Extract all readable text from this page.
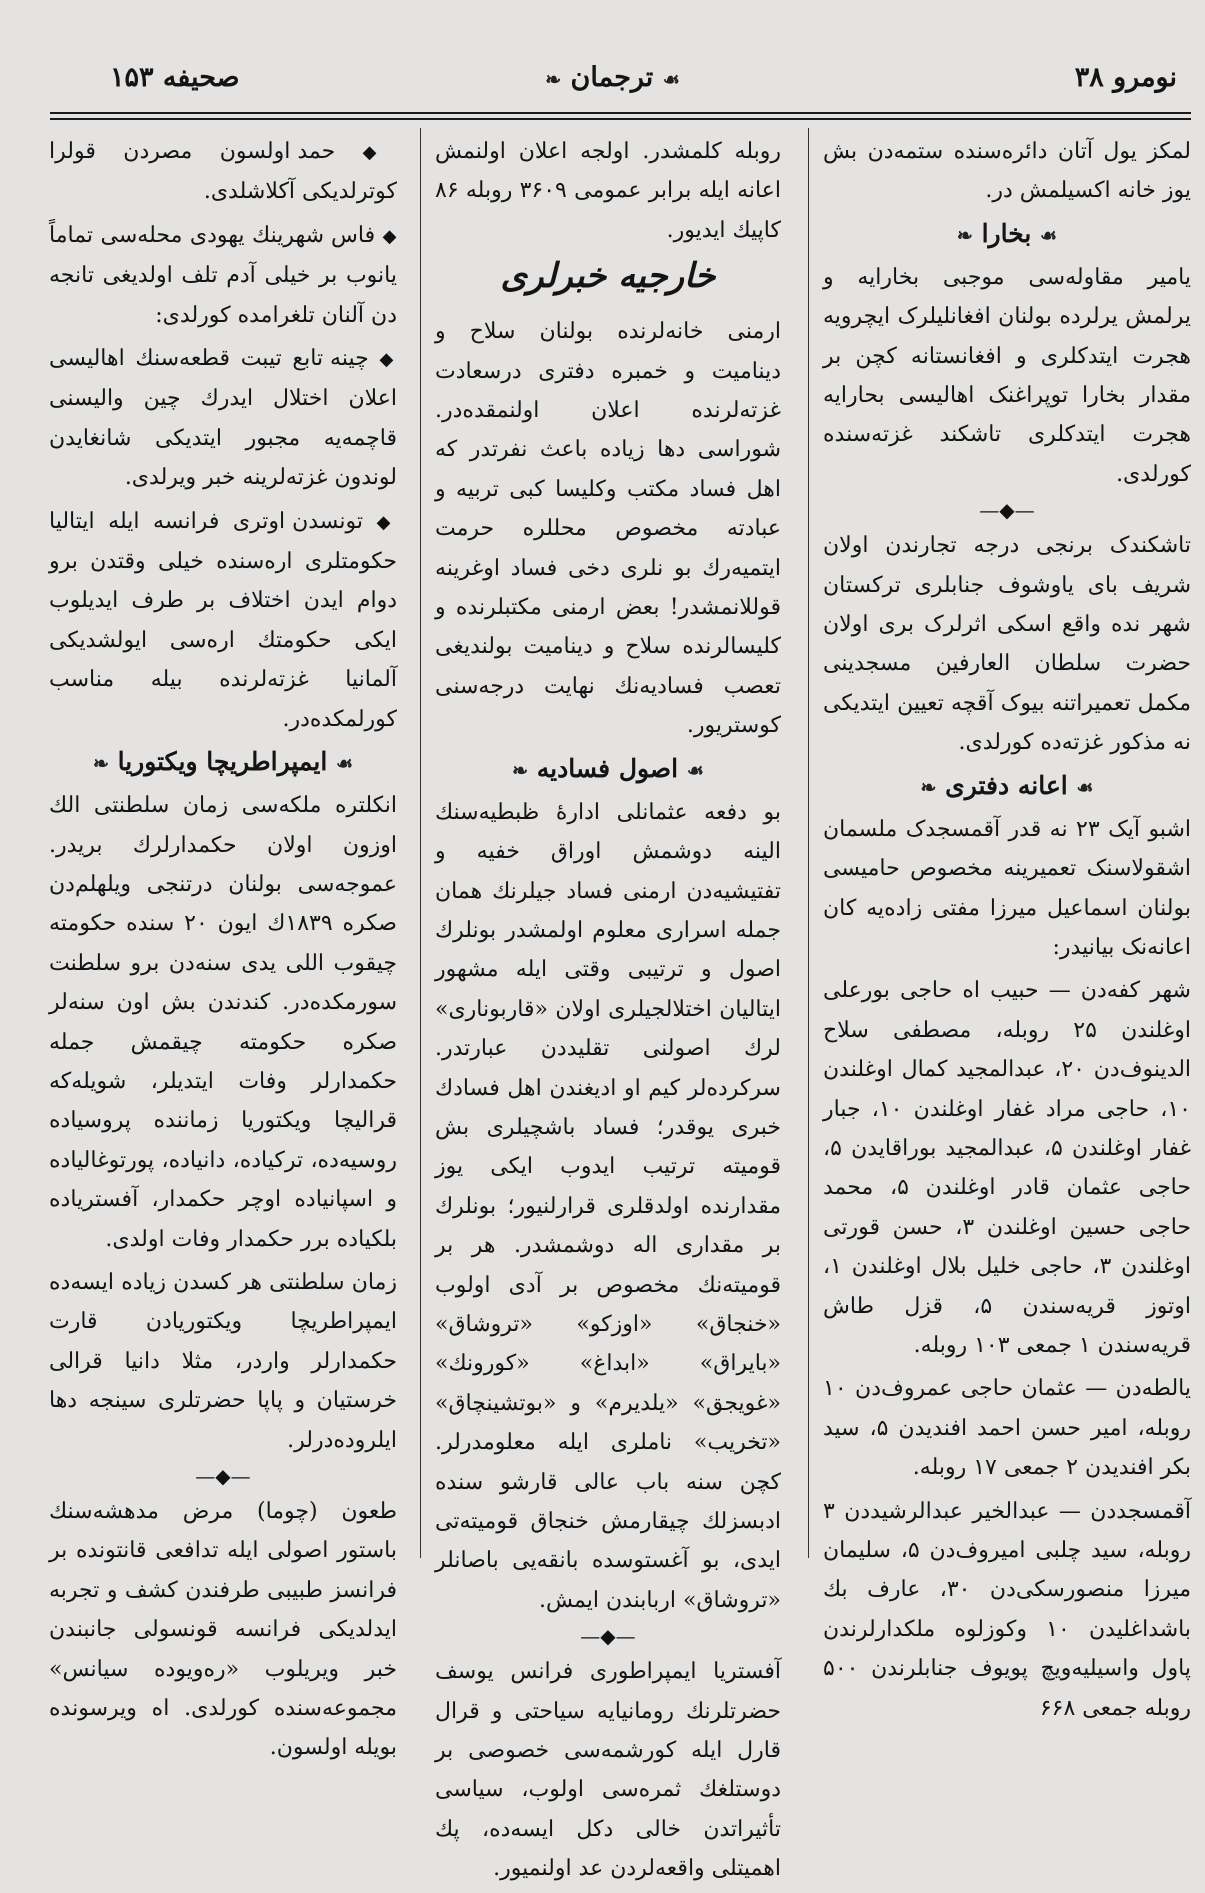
نومرو ۳۸
☙ ترجمان ❧
صحیفه ۱۵۳

لمکز یول آتان دائره‌سنده ستمه‌دن بش یوز خانه اکسیلمش در.

☙ بخارا ❧

یامیر مقاوله‌سی موجبی بخارایه و یرلمش یرلرده بولنان افغانلیلرک ایچرویه هجرت ایتدکلری و افغانستانه کچن بر مقدار بخارا توپراغنک اهالیسی بحارایه هجرت ایتدکلری تاشکند غزته‌سنده کورلدی.

—◆—

تاشکندک برنجی درجه تجارندن اولان شریف بای یاوشوف جنابلری ترکستان شهر نده واقع اسکی اثرلرک بری اولان حضرت سلطان العارفین مسجدینی مکمل تعمیراتنه بیوک آقچه تعیین ایتدیکی نه مذکور غزته‌ده کورلدی.

☙ اعانه دفتری ❧

اشبو آیک ۲۳ نه قدر آقمسجدک ملسمان اشقولاسنک تعمیرینه مخصوص حامیسی بولنان اسماعیل میرزا مفتی زاده‌یه کان اعانه‌نک بیانیدر:

شهر کفه‌دن — حبیب اه حاجی بورعلی اوغلندن ۲۵ روبله، مصطفی سلاح الدینوف‌دن ۲۰، عبدالمجید کمال اوغلندن ۱۰، حاجی مراد غفار اوغلندن ۱۰، جبار غفار اوغلندن ۵، عبدالمجید بوراقایدن ۵، حاجی عثمان قادر اوغلندن ۵، محمد حاجی حسین اوغلندن ۳، حسن قورتی اوغلندن ۳، حاجی خلیل بلال اوغلندن ۱، اوتوز قریه‌سندن ۵، قزل طاش قریه‌سندن ۱ جمعی ۱۰۳ روبله.

یالطه‌دن — عثمان حاجی عمروف‌دن ۱۰ روبله، امیر حسن احمد افندیدن ۵، سید بکر افندیدن ۲ جمعی ۱۷ روبله.

آقمسجددن — عبدالخیر عبدالرشیددن ۳ روبله، سید چلبی امیروف‌دن ۵، سلیمان میرزا منصورسکی‌دن ۳۰، عارف بك باشداغلیدن ۱۰ وکوزلوه ملکدارلرندن پاول واسیلیه‌ویچ پویوف جنابلرندن ۵۰۰ روبله جمعی ۶۶۸

روبله کلمشدر. اولجه اعلان اولنمش اعانه ایله برابر عمومی ۳۶۰۹ روبله ۸۶ کاپیك ایدیور.

خارجیه خبرلری

ارمنی خانه‌لرنده بولنان سلاح و دینامیت و خمبره دفتری درسعادت غزته‌لرنده اعلان اولنمقده‌در. شوراسی دها زیاده باعث نفرتدر که اهل فساد مکتب وکلیسا کبی تربیه و عبادته مخصوص محللره حرمت ایتمیه‌رك بو نلری دخی فساد اوغرینه قوللانمشدر! بعض ارمنی مکتبلرنده و کلیسالرنده سلاح و دینامیت بولندیغی تعصب فسادیه‌نك نهایت درجه‌سنی کوستریور.

☙ اصول فسادیه ❧

بو دفعه عثمانلی ادارهٔ ظبطیه‌سنك الینه دوشمش اوراق خفیه و تفتیشیه‌دن ارمنی فساد جیلرنك همان جمله اسراری معلوم اولمشدر بونلرك اصول و ترتیبی وقتی ایله مشهور ایتالیان اختلالجیلری اولان «قاربوناری» لرك اصولنی تقلیددن عبارتدر. سرکرده‌لر کیم او ادیغندن اهل فسادك خبری یوقدر؛ فساد باشچیلری بش قومیته ترتیب ایدوب ایکی یوز مقدارنده اولدقلری قرارلنیور؛ بونلرك بر مقداری اله دوشمشدر. هر بر قومیته‌نك مخصوص بر آدی اولوب «خنجاق» «اوزکو» «تروشاق» «بایراق» «ابداغ» «کورونك» «غویجق» «یلدیرم» و «بوتشینچاق» «تخریب» ناملری ایله معلومدرلر. کچن سنه باب عالی قارشو سنده ادبسزلك چیقارمش خنجاق قومیته‌تی ایدی، بو آغستوسده بانقه‌یی باصانلر «تروشاق» اربابندن ایمش.

—◆—

آفستریا ایمپراطوری فرانس یوسف حضرتلرنك رومانیایه سیاحتی و قرال قارل ایله کورشمه‌سی خصوصی بر دوستلغك ثمره‌سی اولوب، سیاسی تأثیراتدن خالی دکل ایسه‌ده، پك اهمیتلی واقعه‌لردن عد اولنمیور.

◆ حمد اولسون مصردن قولرا کوترلدیکی آکلاشلدی.

◆ فاس شهرینك یهودی محله‌سی تماماً یانوب بر خیلی آدم تلف اولدیغی تانجه دن آلنان تلغرامده کورلدی:

◆ چینه تابع تیبت قطعه‌سنك اهالیسی اعلان اختلال ایدرك چین والیسنی قاچمه‌یه مجبور ایتدیکی شانغایدن لوندون غزته‌لرینه خبر ویرلدی.

◆ تونسدن اوتری فرانسه ایله ایتالیا حکومتلری اره‌سنده خیلی وقتدن برو دوام ایدن اختلاف بر طرف ایدیلوب ایکی حکومتك اره‌سی ایولشدیکی آلمانیا غزته‌لرنده بیله مناسب کورلمکده‌در.

☙ ایمپراطریچا ویکتوریا ❧

انکلتره ملکه‌سی زمان سلطنتی الك اوزون اولان حکمدارلرك بریدر. عموجه‌سی بولنان درتنجی ویلهلم‌دن صکره ۱۸۳۹ك ایون ۲۰ سنده حکومته چیقوب اللی یدی سنه‌دن برو سلطنت سورمکده‌در. کندندن بش اون سنه‌لر صکره حکومته چیقمش جمله حکمدارلر وفات ایتدیلر، شویله‌که قرالیچا ویکتوریا زماننده پروسیاده روسیه‌ده، ترکیاده، دانیاده، پورتوغالیاده و اسپانیاده اوچر حکمدار، آفستریاده بلکیاده برر حکمدار وفات اولدی.

زمان سلطنتی هر کسدن زیاده ایسه‌ده ایمپراطریچا ویکتوریادن قارت حکمدارلر واردر، مثلا دانیا قرالی خرستیان و پاپا حضرتلری سینجه دها ایلروده‌درلر.

—◆—

طعون (چوما) مرض مدهشه‌سنك باستور اصولی ایله تدافعی قانتونده بر فرانسز طبیبی طرفندن کشف و تجربه ایدلدیکی فرانسه قونسولی جانبندن خبر ویریلوب «رەویوده سیانس» مجموعه‌سنده کورلدی. اه ویرسونده بویله اولسون.
